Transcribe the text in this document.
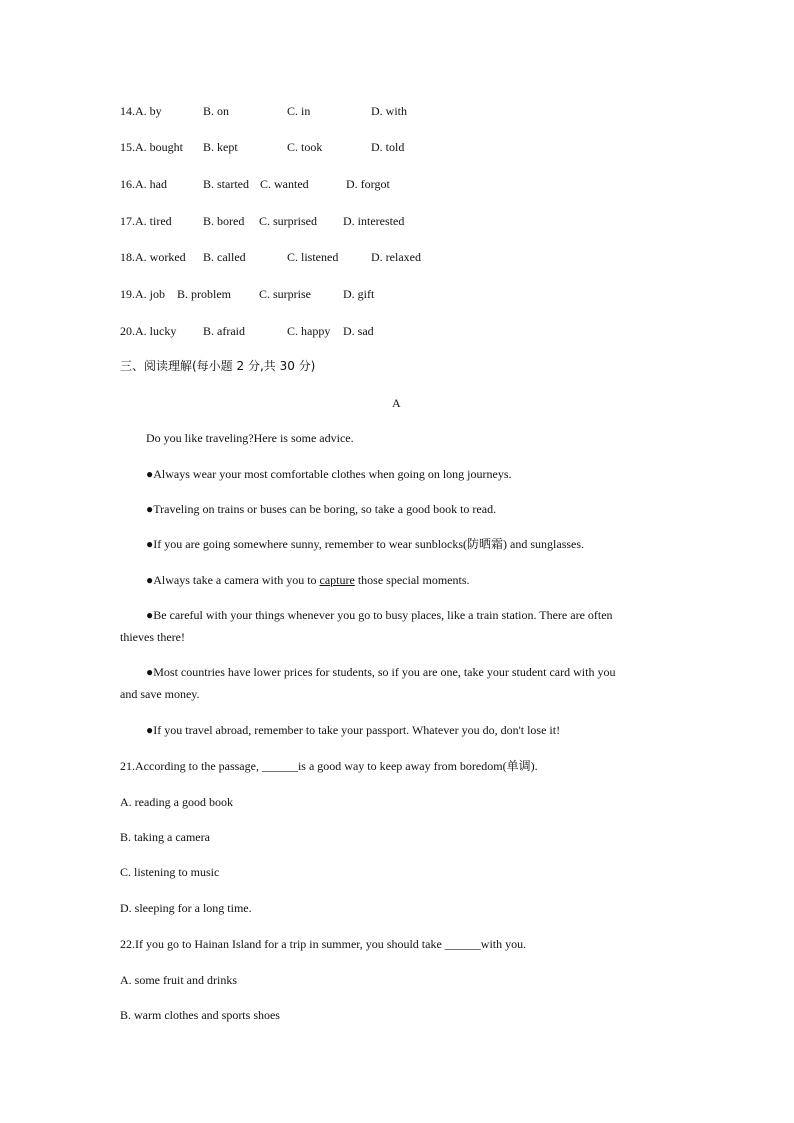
14.A. by	B. on	C. in	D. with
15.A. bought B. kept	C. took	D. told
16.A. had	B. started C. wanted	D. forgot
17.A. tired	B. bored C. surprised D. interested
18.A. worked B. called	C. listened	D. relaxed
19.A. job B. problem C. surprise	D. gift
20.A. lucky B. afraid	C. happy D. sad
三、阅读理解(每小题 2 分,共 30 分)
A
Do you like traveling?Here is some advice.
●Always wear your most comfortable clothes when going on long journeys.
●Traveling on trains or buses can be boring, so take a good book to read.
●If you are going somewhere sunny, remember to wear sunblocks(防晒霜) and sunglasses.
●Always take a camera with you to capture those special moments.
●Be careful with your things whenever you go to busy places, like a train station. There are often
thieves there!
●Most countries have lower prices for students, so if you are one, take your student card with you
and save money.
●If you travel abroad, remember to take your passport. Whatever you do, don't lose it!
21.According to the passage, ______is a good way to keep away from boredom(单调).
A. reading a good book
B. taking a camera
C. listening to music
D. sleeping for a long time.
22.If you go to Hainan Island for a trip in summer, you should take ______with you.
A. some fruit and drinks
B. warm clothes and sports shoes
